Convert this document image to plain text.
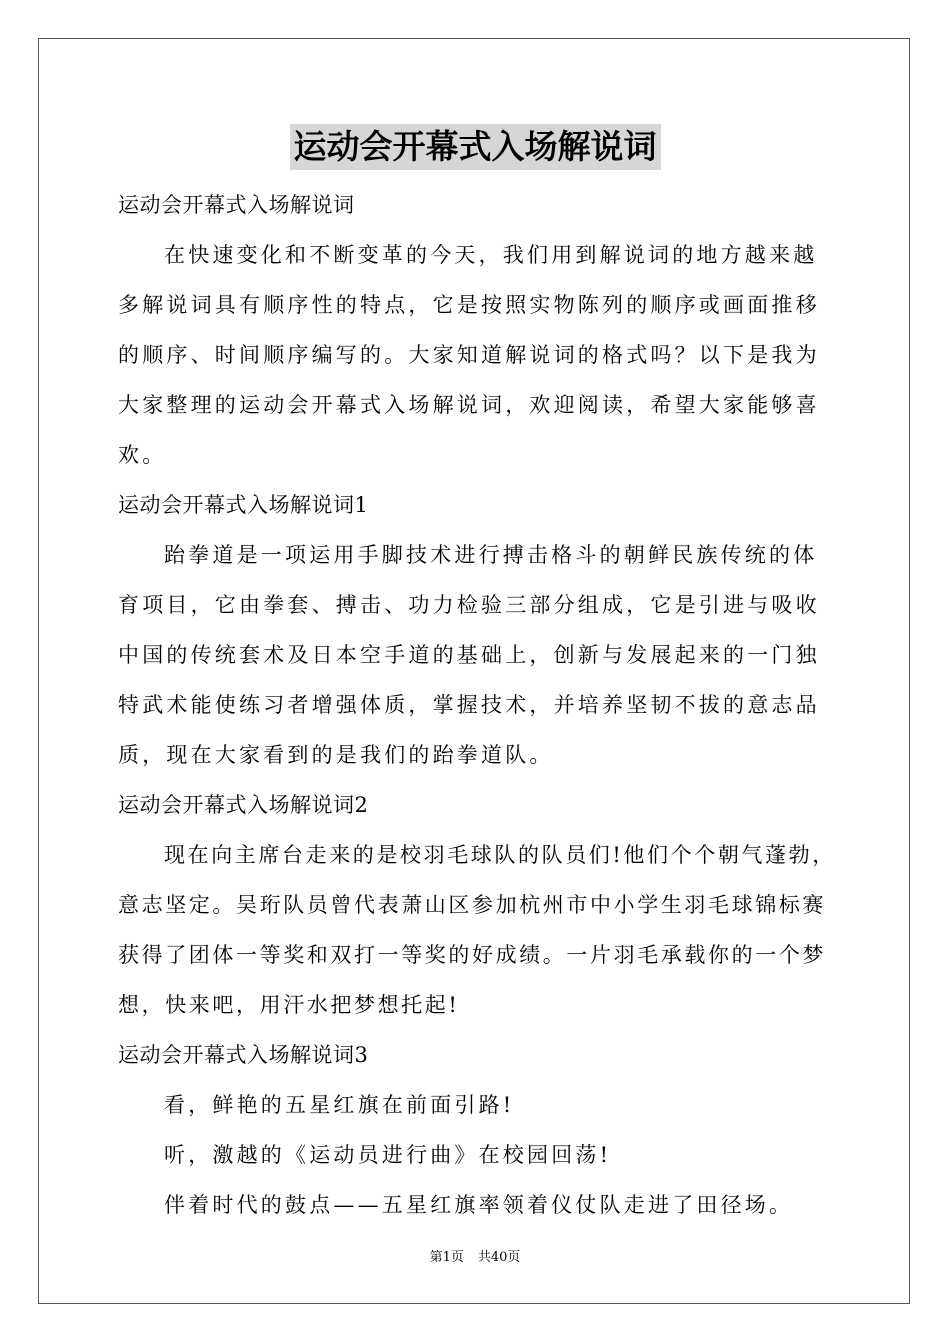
运动会开幕式入场解说词

运动会开幕式入场解说词

在快速变化和不断变革的今天，我们用到解说词的地方越来越多解说词具有顺序性的特点，它是按照实物陈列的顺序或画面推移的顺序、时间顺序编写的。大家知道解说词的格式吗？以下是我为大家整理的运动会开幕式入场解说词，欢迎阅读，希望大家能够喜欢。

运动会开幕式入场解说词1

跆拳道是一项运用手脚技术进行搏击格斗的朝鲜民族传统的体育项目，它由拳套、搏击、功力检验三部分组成，它是引进与吸收中国的传统套术及日本空手道的基础上，创新与发展起来的一门独特武术能使练习者增强体质，掌握技术，并培养坚韧不拔的意志品质，现在大家看到的是我们的跆拳道队。

运动会开幕式入场解说词2

现在向主席台走来的是校羽毛球队的队员们!他们个个朝气蓬勃，意志坚定。吴珩队员曾代表萧山区参加杭州市中小学生羽毛球锦标赛获得了团体一等奖和双打一等奖的好成绩。一片羽毛承载你的一个梦想，快来吧，用汗水把梦想托起!

运动会开幕式入场解说词3

看，鲜艳的五星红旗在前面引路!

听，激越的《运动员进行曲》在校园回荡!

伴着时代的鼓点——五星红旗率领着仪仗队走进了田径场。

第1页 共40页
